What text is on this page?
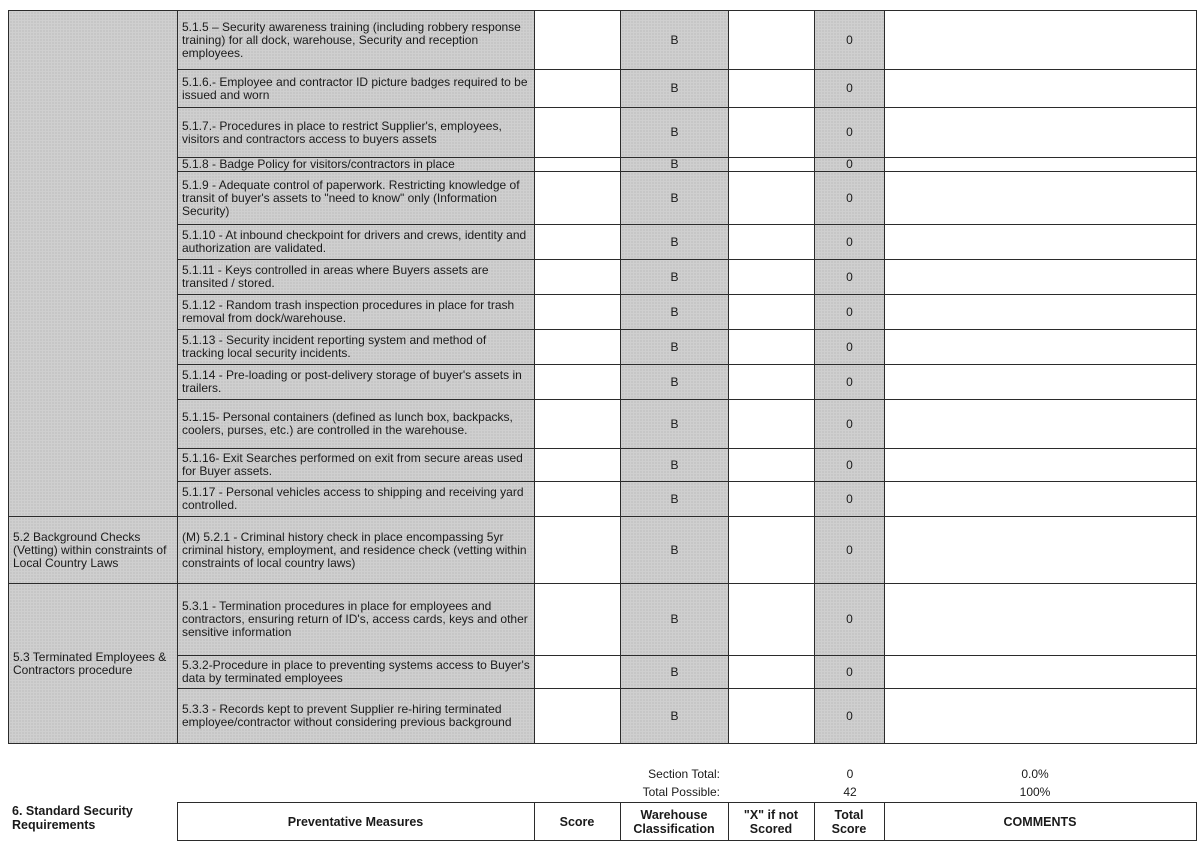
	5.1.5 – Security awareness training (including robbery response training) for all dock, warehouse, Security and reception employees.		B		0	
	5.1.6.- Employee and contractor ID picture badges required to be issued and worn		B		0	
	5.1.7.- Procedures in place to restrict Supplier's, employees, visitors and contractors access to buyers assets		B		0	
	5.1.8 - Badge Policy for visitors/contractors in place		B		0	
	5.1.9 - Adequate control of paperwork. Restricting knowledge of transit of buyer's assets to "need to know" only (Information Security)		B		0	
	5.1.10 - At inbound checkpoint for drivers and crews, identity and authorization are validated.		B		0	
	5.1.11 - Keys controlled in areas where Buyers assets are transited / stored.		B		0	
	5.1.12 - Random trash inspection procedures in place for trash removal from dock/warehouse.		B		0	
	5.1.13 - Security incident reporting system and method of tracking local security incidents.		B		0	
	5.1.14 - Pre-loading or post-delivery storage of buyer's assets in trailers.		B		0	
	5.1.15- Personal containers (defined as lunch box, backpacks, coolers, purses, etc.) are controlled in the warehouse.		B		0	
	5.1.16- Exit Searches performed on exit from secure areas used for Buyer assets.		B		0	
	5.1.17 - Personal vehicles access to shipping and receiving yard controlled.		B		0	
5.2 Background Checks (Vetting) within constraints of Local Country Laws	(M) 5.2.1 - Criminal history check in place encompassing 5yr criminal history, employment, and residence check (vetting within constraints of local country laws)		B		0	
5.3 Terminated Employees & Contractors procedure	5.3.1 - Termination procedures in place for employees and contractors, ensuring return of ID's, access cards, keys and other sensitive information		B		0	
	5.3.2-Procedure in place to preventing systems access to Buyer's data by terminated employees		B		0	
	5.3.3 - Records kept to prevent Supplier re-hiring terminated employee/contractor without considering previous background		B		0	
Section Total:	0	0.0%
Total Possible:	42	100%
6. Standard Security Requirements	Preventative Measures	Score	Warehouse Classification	"X" if not Scored	Total Score	COMMENTS
